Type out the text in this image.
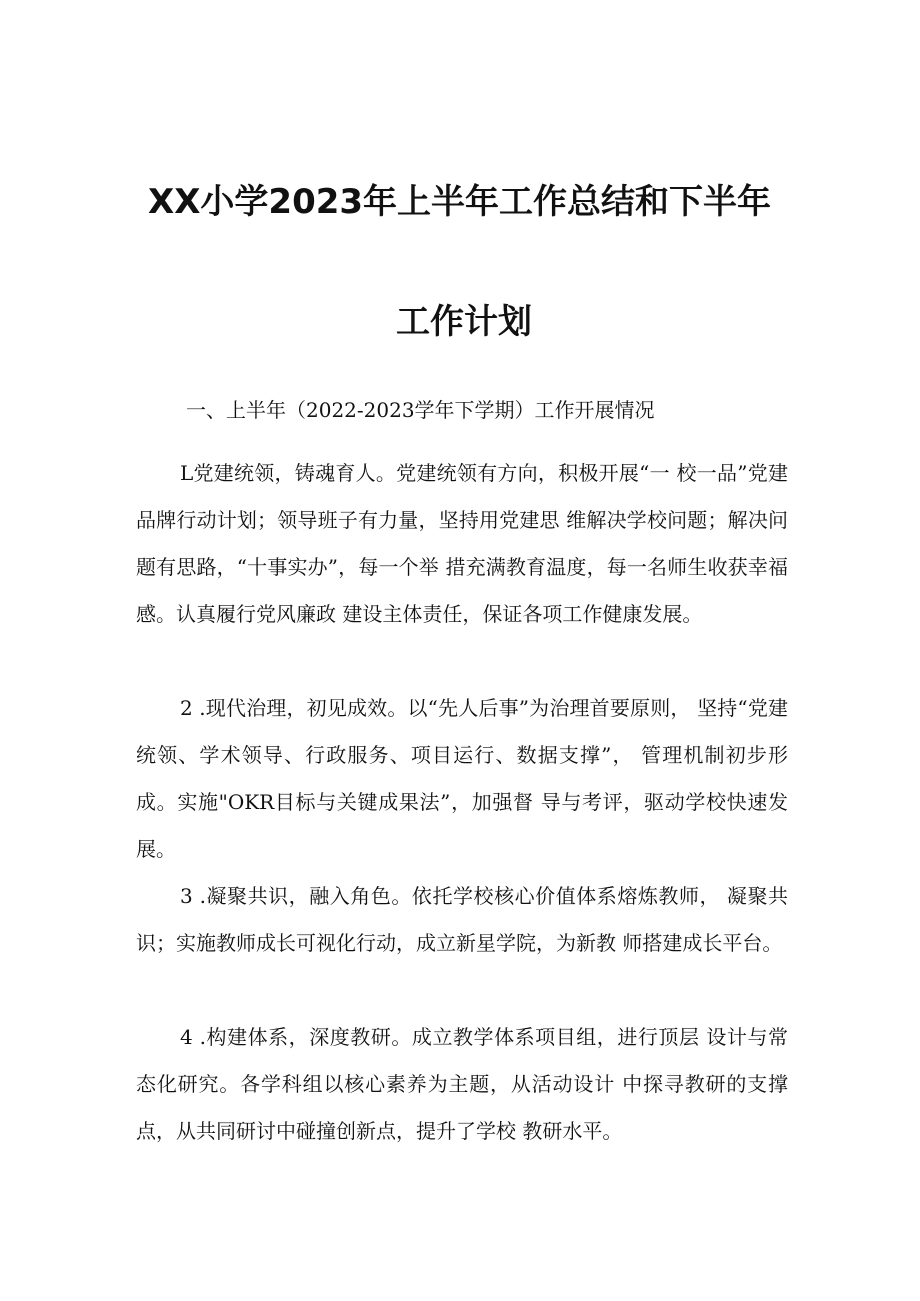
XX小学2023年上半年工作总结和下半年
工作计划
一、上半年（2022-2023学年下学期）工作开展情况

L党建统领，铸魂育人。党建统领有方向，积极开展“一 校一品”党建品牌行动计划；领导班子有力量，坚持用党建思 维解决学校问题；解决问题有思路，“十事实办”，每一个举 措充满教育温度，每一名师生收获幸福感。认真履行党风廉政 建设主体责任，保证各项工作健康发展。

2 .现代治理，初见成效。以“先人后事”为治理首要原则， 坚持“党建统领、学术领导、行政服务、项目运行、数据支撑”， 管理机制初步形成。实施"OKR目标与关键成果法”，加强督 导与考评，驱动学校快速发展。

3 .凝聚共识，融入角色。依托学校核心价值体系熔炼教师， 凝聚共识；实施教师成长可视化行动，成立新星学院，为新教 师搭建成长平台。

4 .构建体系，深度教研。成立教学体系项目组，进行顶层 设计与常态化研究。各学科组以核心素养为主题，从活动设计 中探寻教研的支撑点，从共同研讨中碰撞创新点，提升了学校 教研水平。
